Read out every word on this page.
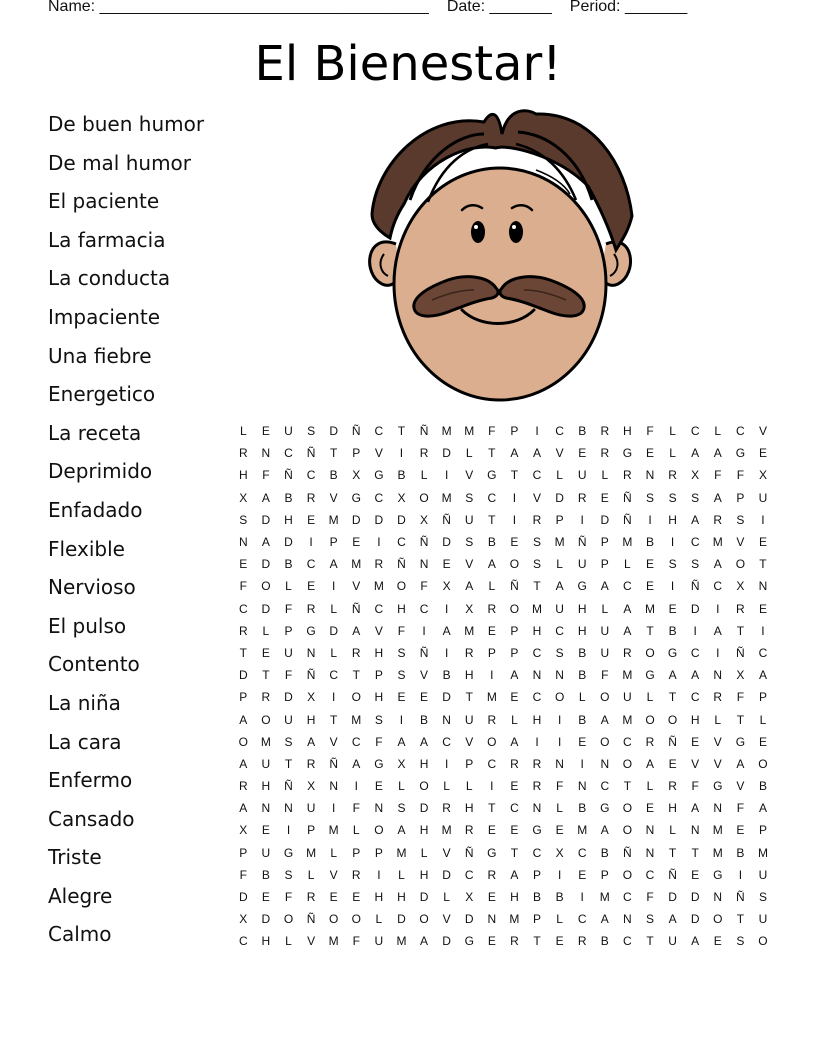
Name: _____________________________________ Date: _______ Period: _______
El Bienestar!
De buen humor
De mal humor
El paciente
La farmacia
La conducta
Impaciente
Una fiebre
Energetico
La receta
Deprimido
Enfadado
Flexible
Nervioso
El pulso
Contento
La niña
La cara
Enfermo
Cansado
Triste
Alegre
Calmo
L	E	U	S	D	Ñ	C	T	Ñ	M	M	F	P	I	C	B	R	H	F	L	C	L	C	V
R	N	C	Ñ	T	P	V	I	R	D	L	T	A	A	V	E	R	G	E	L	A	A	G	E
H	F	Ñ	C	B	X	G	B	L	I	V	G	T	C	L	U	L	R	N	R	X	F	F	X
X	A	B	R	V	G	C	X	O	M	S	C	I	V	D	R	E	Ñ	S	S	S	A	P	U
S	D	H	E	M	D	D	D	X	Ñ	U	T	I	R	P	I	D	Ñ	I	H	A	R	S	I
N	A	D	I	P	E	I	C	Ñ	D	S	B	E	S	M	Ñ	P	M	B	I	C	M	V	E
E	D	B	C	A	M	R	Ñ	N	E	V	A	O	S	L	U	P	L	E	S	S	A	O	T
F	O	L	E	I	V	M	O	F	X	A	L	Ñ	T	A	G	A	C	E	I	Ñ	C	X	N
C	D	F	R	L	Ñ	C	H	C	I	X	R	O	M	U	H	L	A	M	E	D	I	R	E
R	L	P	G	D	A	V	F	I	A	M	E	P	H	C	H	U	A	T	B	I	A	T	I
T	E	U	N	L	R	H	S	Ñ	I	R	P	P	C	S	B	U	R	O	G	C	I	Ñ	C
D	T	F	Ñ	C	T	P	S	V	B	H	I	A	N	N	B	F	M	G	A	A	N	X	A
P	R	D	X	I	O	H	E	E	D	T	M	E	C	O	L	O	U	L	T	C	R	F	P
A	O	U	H	T	M	S	I	B	N	U	R	L	H	I	B	A	M	O	O	H	L	T	L
O	M	S	A	V	C	F	A	A	C	V	O	A	I	I	E	O	C	R	Ñ	E	V	G	E
A	U	T	R	Ñ	A	G	X	H	I	P	C	R	R	N	I	N	O	A	E	V	V	A	O
R	H	Ñ	X	N	I	E	L	O	L	L	I	E	R	F	N	C	T	L	R	F	G	V	B
A	N	N	U	I	F	N	S	D	R	H	T	C	N	L	B	G	O	E	H	A	N	F	A
X	E	I	P	M	L	O	A	H	M	R	E	E	G	E	M	A	O	N	L	N	M	E	P
P	U	G	M	L	P	P	M	L	V	Ñ	G	T	C	X	C	B	Ñ	N	T	T	M	B	M
F	B	S	L	V	R	I	L	H	D	C	R	A	P	I	E	P	O	C	Ñ	E	G	I	U
D	E	F	R	E	E	H	H	D	L	X	E	H	B	B	I	M	C	F	D	D	N	Ñ	S
X	D	O	Ñ	O	O	L	D	O	V	D	N	M	P	L	C	A	N	S	A	D	O	T	U
C	H	L	V	M	F	U	M	A	D	G	E	R	T	E	R	B	C	T	U	A	E	S	O
